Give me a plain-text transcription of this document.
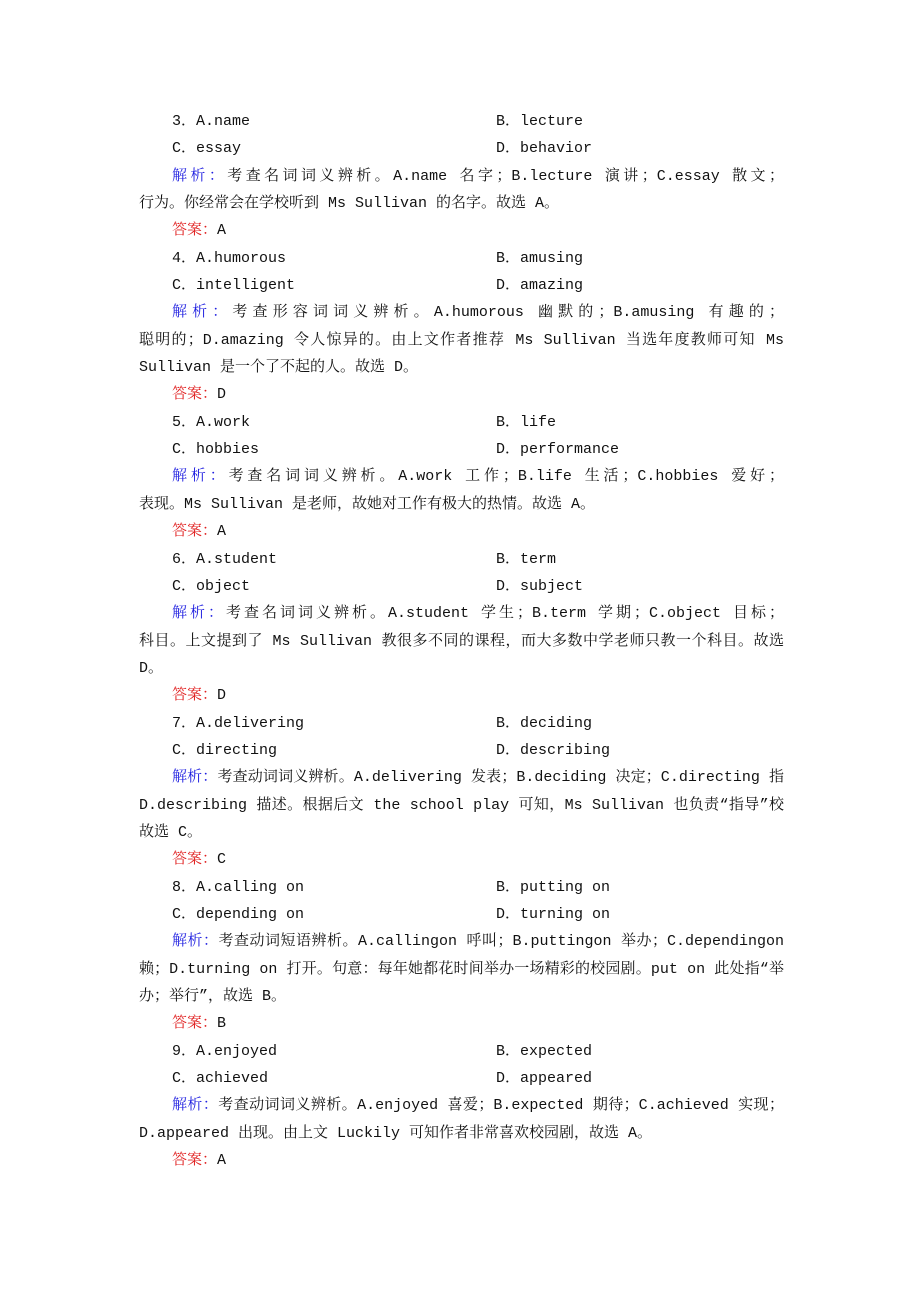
3．A.name	B．lecture
C．essay	D．behavior
解析：考查名词词义辨析。A.name 名字；B.lecture 演讲；C.essay 散文；
行为。你经常会在学校听到 Ms Sullivan 的名字。故选 A。
答案：A
4．A.humorous	B．amusing
C．intelligent	D．amazing
解析：考查形容词词义辨析。A.humorous 幽默的；B.amusing 有趣的；
聪明的；D.amazing 令人惊异的。由上文作者推荐 Ms Sullivan 当选年度教师可知 Ms
Sullivan 是一个了不起的人。故选 D。
答案：D
5．A.work	B．life
C．hobbies	D．performance
解析：考查名词词义辨析。A.work 工作；B.life 生活；C.hobbies 爱好；
表现。Ms Sullivan 是老师，故她对工作有极大的热情。故选 A。
答案：A
6．A.student	B．term
C．object	D．subject
解析：考查名词词义辨析。A.student 学生；B.term 学期；C.object 目标；
科目。上文提到了 Ms Sullivan 教很多不同的课程，而大多数中学老师只教一个科目。故选
D。
答案：D
7．A.delivering	B．deciding
C．directing	D．describing
解析：考查动词词义辨析。A.delivering 发表；B.deciding 决定；C.directing 指
D.describing 描述。根据后文 the school play 可知，Ms Sullivan 也负责“指导”校
故选 C。
答案：C
8．A.calling on	B．putting on
C．depending on	D．turning on
解析：考查动词短语辨析。A.callingon 呼叫；B.puttingon 举办；C.dependingon
赖；D.turning on 打开。句意：每年她都花时间举办一场精彩的校园剧。put on 此处指“举
办；举行”，故选 B。
答案：B
9．A.enjoyed	B．expected
C．achieved	D．appeared
解析：考查动词词义辨析。A.enjoyed 喜爱；B.expected 期待；C.achieved 实现；
D.appeared 出现。由上文 Luckily 可知作者非常喜欢校园剧，故选 A。
答案：A
